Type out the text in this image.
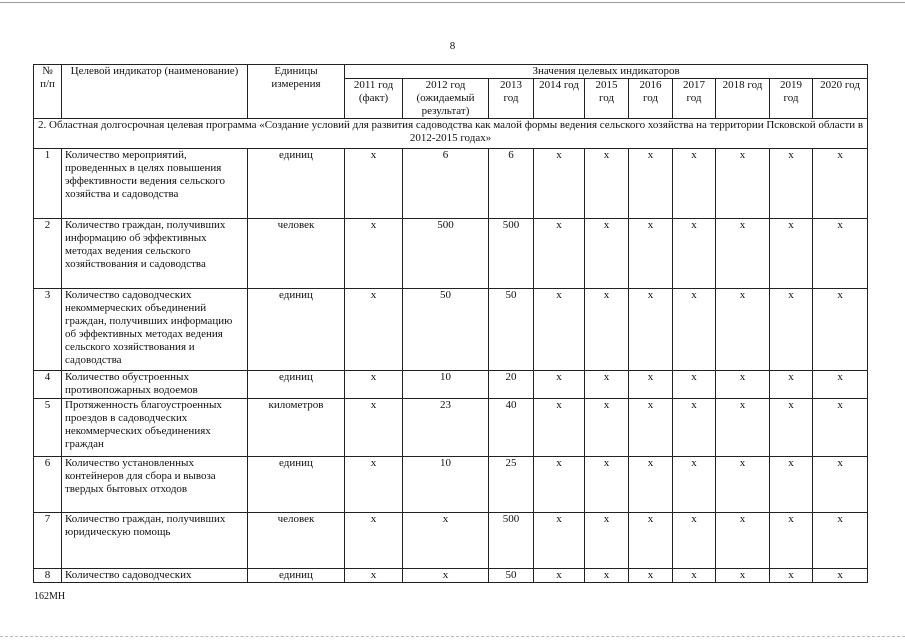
8
№ п/п	Целевой индикатор (наименование)	Единицы измерения	Значения целевых индикаторов									
			2011 год (факт)	2012 год (ожидаемый результат)	2013 год	2014 год	2015 год	2016 год	2017 год	2018 год	2019 год	2020 год
2. Областная долгосрочная целевая программа «Создание условий для развития садоводства как малой формы ведения сельского хозяйства на территории Псковской области в 2012-2015 годах»												
1	Количество мероприятий, проведенных в целях повышения эффективности ведения сельского хозяйства и садоводства	единиц	х	6	6	х	х	х	х	х	х	х
2	Количество граждан, получивших информацию об эффективных методах ведения сельского хозяйствования и садоводства	человек	х	500	500	х	х	х	х	х	х	х
3	Количество садоводческих некоммерческих объединений граждан, получивших информацию об эффективных методах ведения сельского хозяйствования и садоводства	единиц	х	50	50	х	х	х	х	х	х	х
4	Количество обустроенных противопожарных водоемов	единиц	х	10	20	х	х	х	х	х	х	х
5	Протяженность благоустроенных проездов в садоводческих некоммерческих объединениях граждан	километров	х	23	40	х	х	х	х	х	х	х
6	Количество установленных контейнеров для сбора и вывоза твердых бытовых отходов	единиц	х	10	25	х	х	х	х	х	х	х
7	Количество граждан, получивших юридическую помощь	человек	х	х	500	х	х	х	х	х	х	х
8	Количество садоводческих	единиц	х	х	50	х	х	х	х	х	х	х
162МН
